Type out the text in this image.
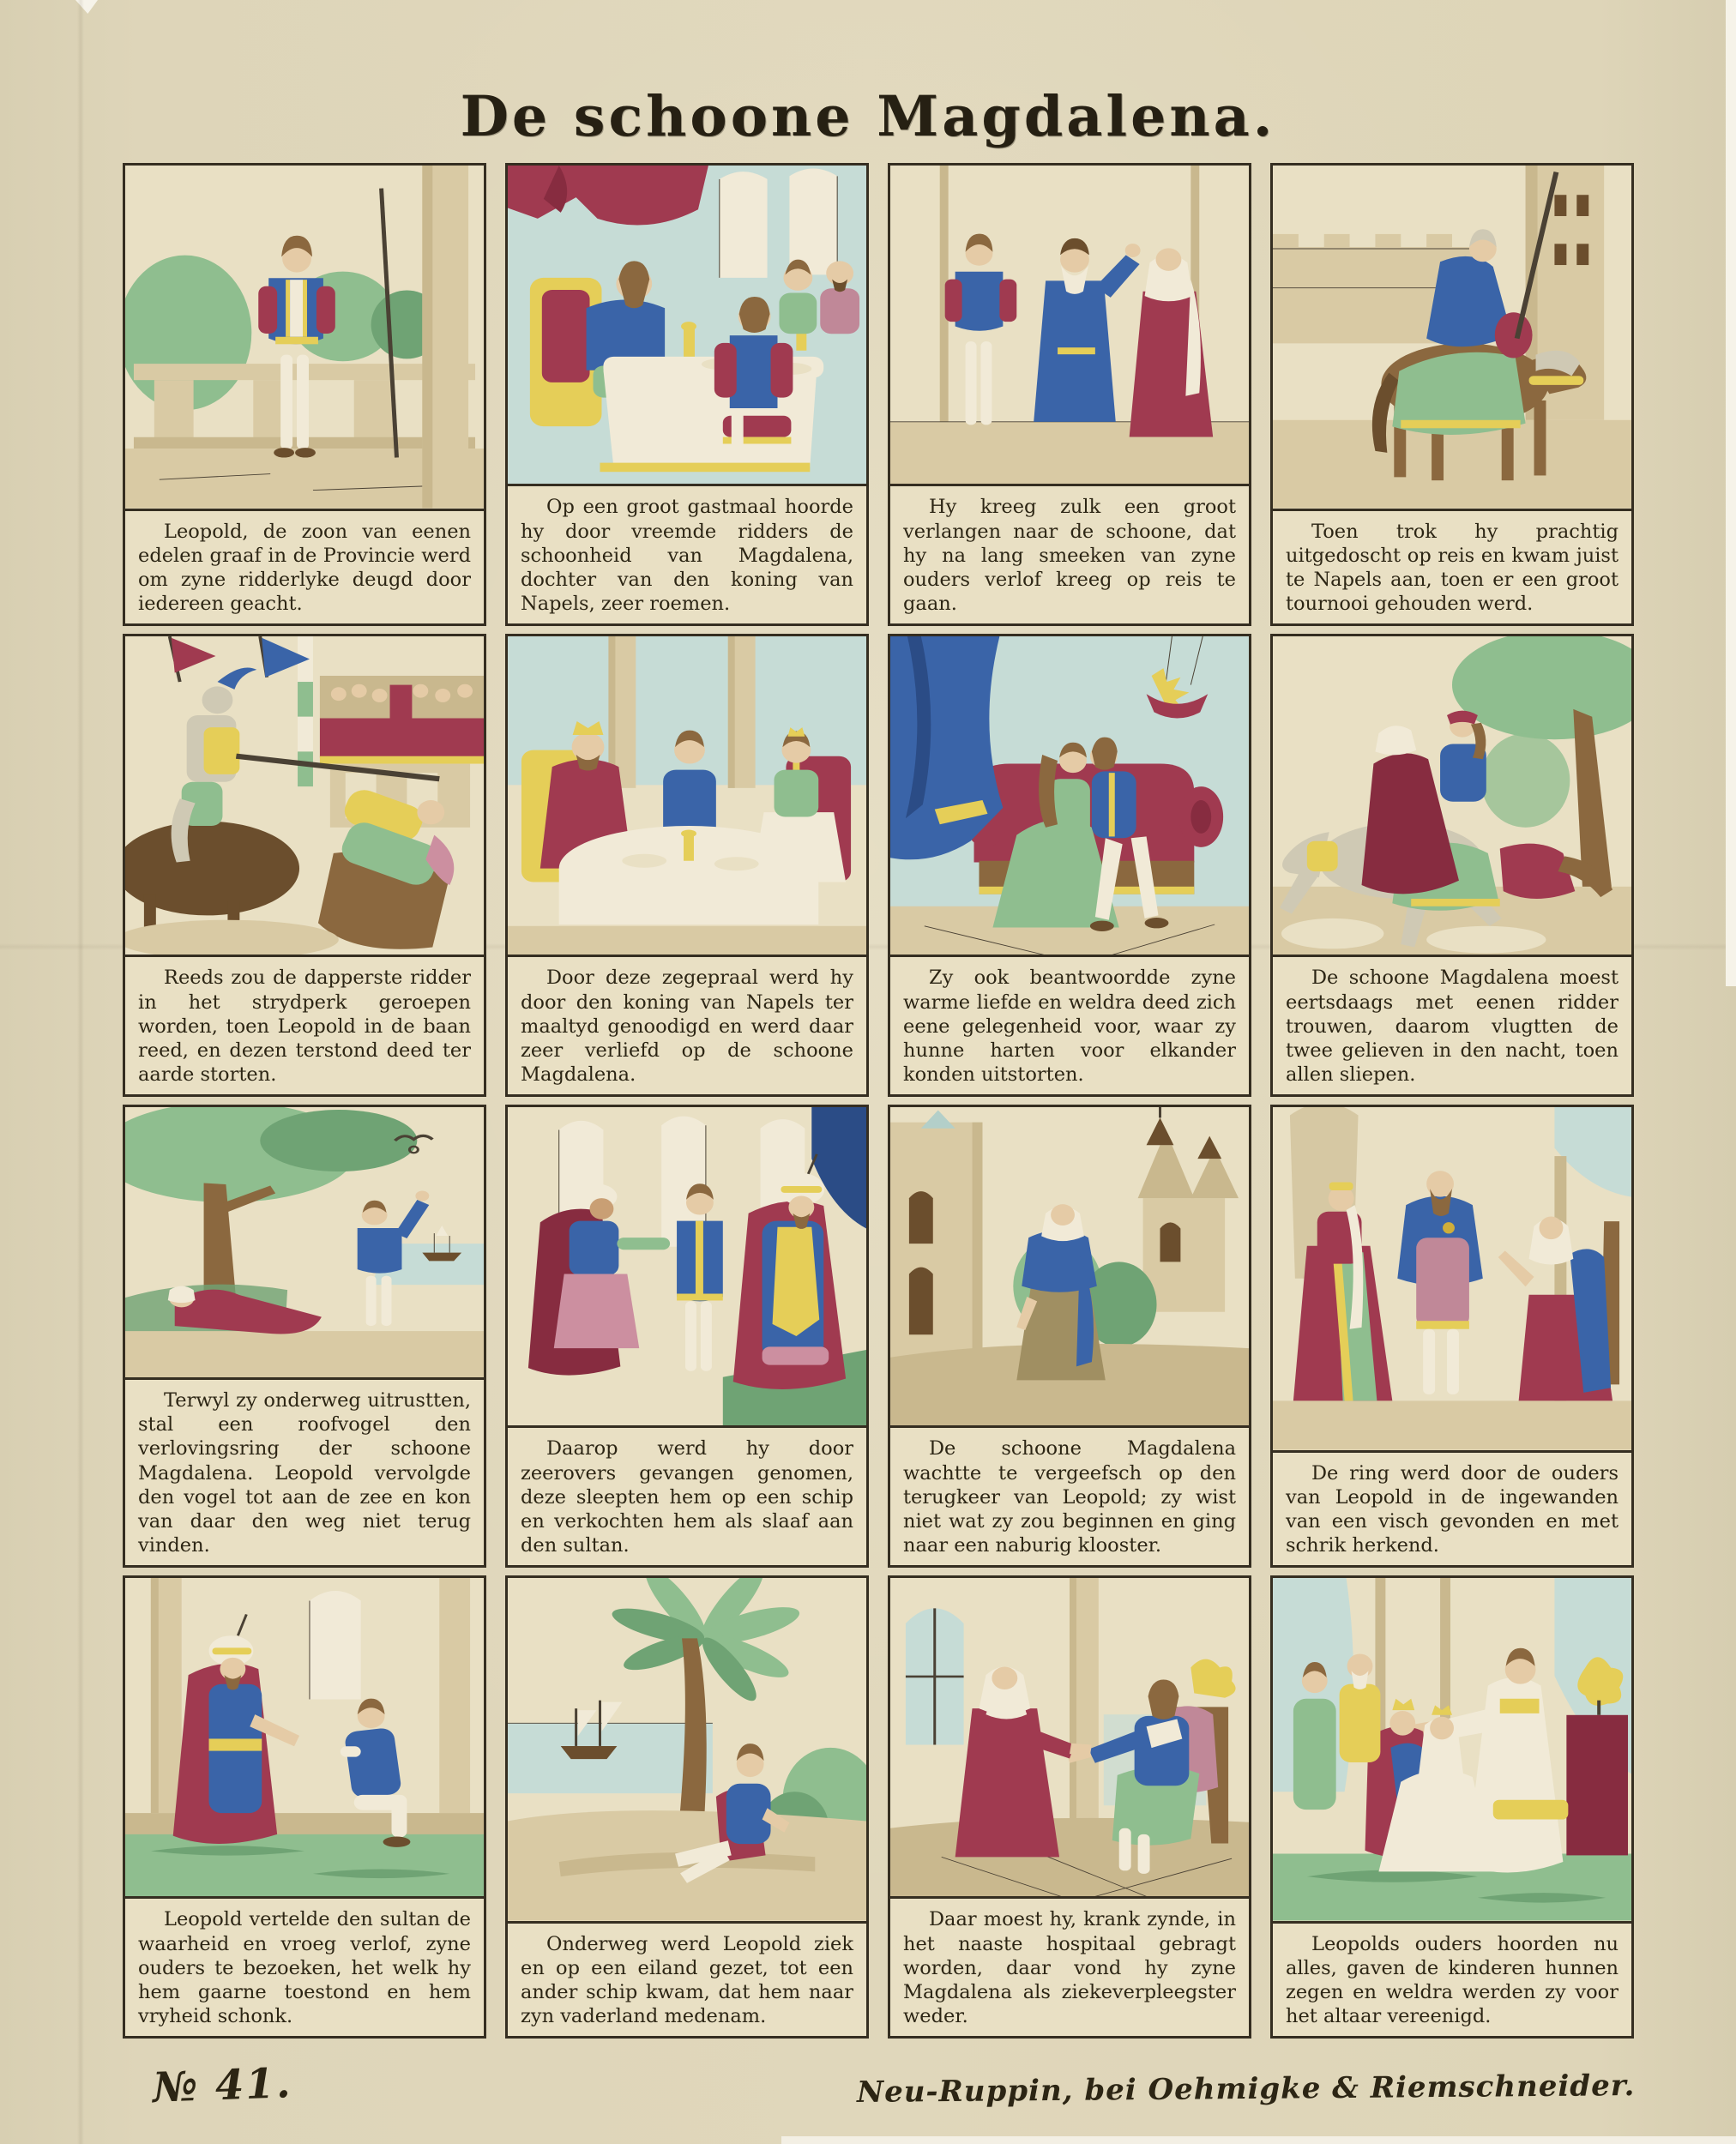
De schoone Magdalena.

Leopold, de zoon van eenen edelen graaf in de Provincie werd om zyne ridderlyke deugd door iedereen geacht.

Op een groot gastmaal hoorde hy door vreemde ridders de schoonheid van Magdalena, dochter van den koning van Napels, zeer roemen.

Hy kreeg zulk een groot verlangen naar de schoone, dat hy na lang smeeken van zyne ouders verlof kreeg op reis te gaan.

Toen trok hy prachtig uitgedoscht op reis en kwam juist te Napels aan, toen er een groot tournooi gehouden werd.

Reeds zou de dapperste ridder in het strydperk geroepen worden, toen Leopold in de baan reed, en dezen terstond deed ter aarde storten.

Door deze zegepraal werd hy door den koning van Napels ter maaltyd genoodigd en werd daar zeer verliefd op de schoone Magdalena.

Zy ook beantwoordde zyne warme liefde en weldra deed zich eene gelegenheid voor, waar zy hunne harten voor elkander konden uitstorten.

De schoone Magdalena moest eertsdaags met eenen ridder trouwen, daarom vlugtten de twee gelieven in den nacht, toen allen sliepen.

Terwyl zy onderweg uitrustten, stal een roofvogel den verlovingsring der schoone Magdalena. Leopold vervolgde den vogel tot aan de zee en kon van daar den weg niet terug vinden.

Daarop werd hy door zeerovers gevangen genomen, deze sleepten hem op een schip en verkochten hem als slaaf aan den sultan.

De schoone Magdalena wachtte te vergeefsch op den terugkeer van Leopold; zy wist niet wat zy zou beginnen en ging naar een naburig klooster.

De ring werd door de ouders van Leopold in de ingewanden van een visch gevonden en met schrik herkend.

Leopold vertelde den sultan de waarheid en vroeg verlof, zyne ouders te bezoeken, het welk hy hem gaarne toestond en hem vryheid schonk.

Onderweg werd Leopold ziek en op een eiland gezet, tot een ander schip kwam, dat hem naar zyn vaderland medenam.

Daar moest hy, krank zynde, in het naaste hospitaal gebragt worden, daar vond hy zyne Magdalena als ziekeverpleegster weder.

Leopolds ouders hoorden nu alles, gaven de kinderen hunnen zegen en weldra werden zy voor het altaar vereenigd.

№ 41.	Neu-Ruppin, bei Oehmigke & Riemschneider.
